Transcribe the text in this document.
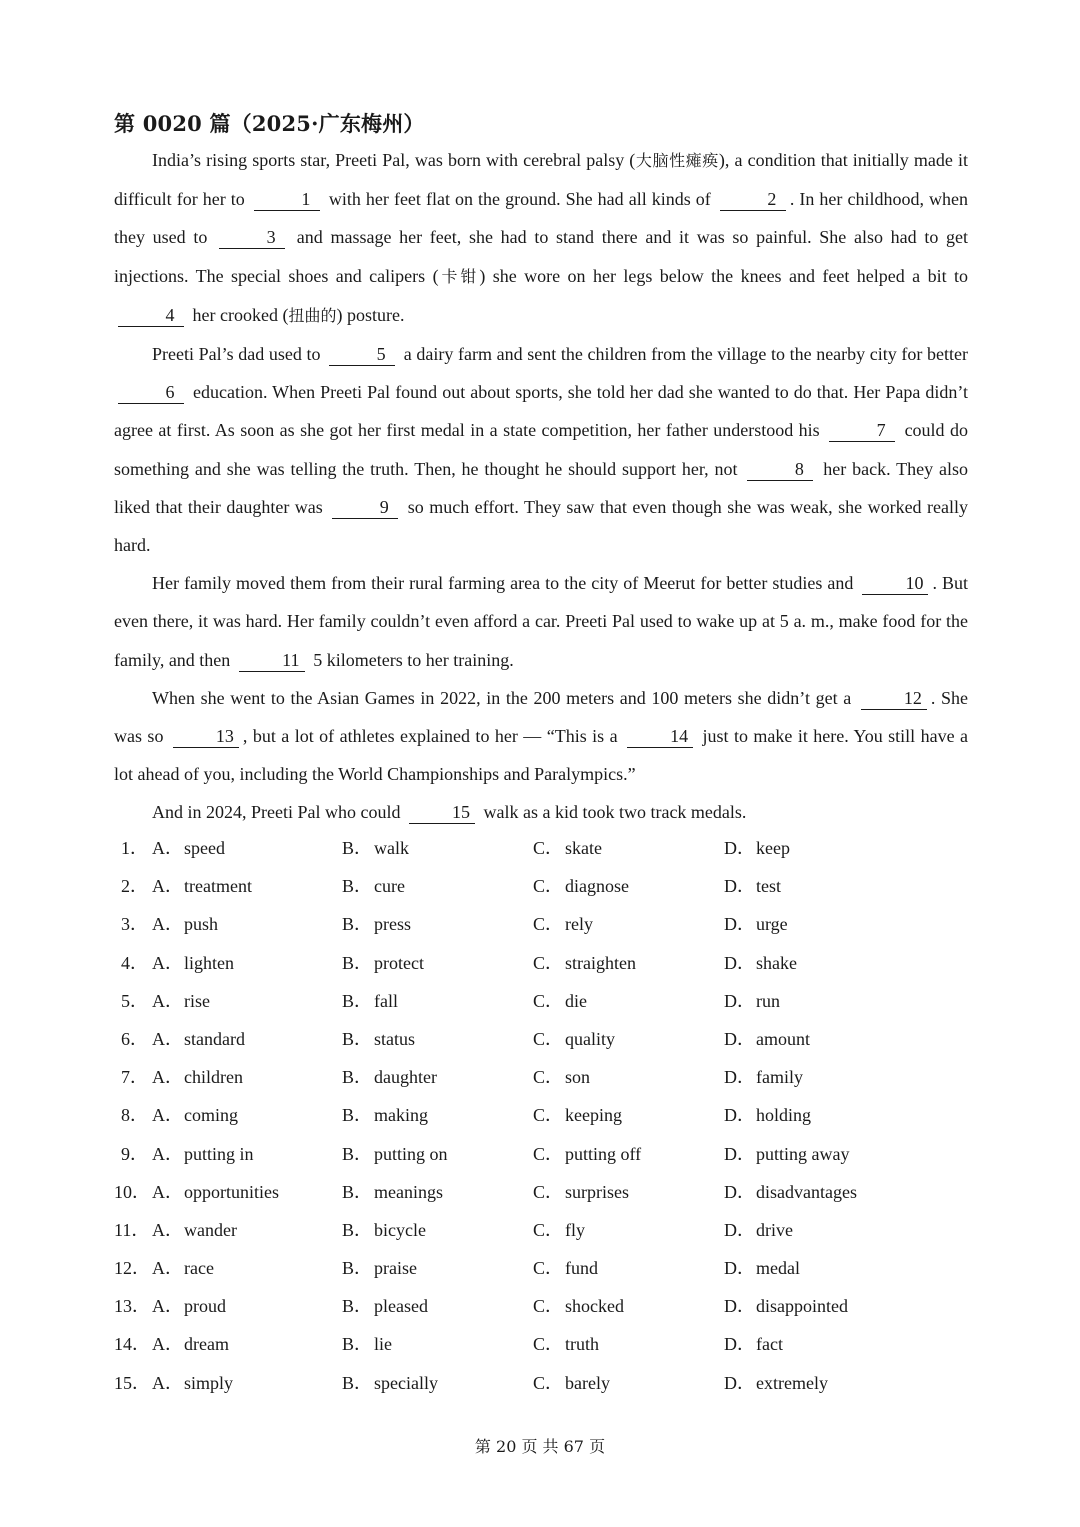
第 0020 篇（2025·广东梅州）

India’s rising sports star, Preeti Pal, was born with cerebral palsy (大脑性瘫痪), a condition that initially made it difficult for her to	1 with her feet flat on the ground. She had all kinds of	2 . In her childhood, when they used to	3 and massage her feet, she had to stand there and it was so painful. She also had to get injections. The special shoes and calipers (卡钳) she wore on her legs below the knees and feet helped a bit to 4 her crooked (扭曲的) posture.

Preeti Pal’s dad used to	5 a dairy farm and sent the children from the village to the nearby city for better 6 education. When Preeti Pal found out about sports, she told her dad she wanted to do that. Her Papa didn’t agree at first. As soon as she got her first medal in a state competition, her father understood his	7 could do something and she was telling the truth. Then, he thought he should support her, not	8 her back. They also liked that their daughter was	9 so much effort. They saw that even though she was weak, she worked really hard.

Her family moved them from their rural farming area to the city of Meerut for better studies and	10 . But even there, it was hard. Her family couldn’t even afford a car. Preeti Pal used to wake up at 5 a. m., make food for the family, and then	11 5 kilometers to her training.

When she went to the Asian Games in 2022, in the 200 meters and 100 meters she didn’t get a	12 . She was so	13 , but a lot of athletes explained to her — “This is a	14 just to make it here. You still have a lot ahead of you, including the World Championships and Paralympics.”

And in 2024, Preeti Pal who could	15 walk as a kid took two track medals.

1． A．speed	B． walk	C． skate	D．keep
2． A．treatment	B． cure	C． diagnose	D．test
3． A．push	B． press	C． rely	D．urge
4． A．lighten	B． protect	C． straighten	D．shake
5． A．rise	B． fall	C． die	D．run
6． A．standard	B． status	C． quality	D．amount
7． A．children	B． daughter	C． son	D．family
8． A．coming	B． making	C． keeping	D．holding
9． A．putting in	B． putting on	C． putting off	D．putting away
10． A．opportunities	B． meanings	C． surprises	D．disadvantages
11． A．wander	B． bicycle	C． fly	D．drive
12． A．race	B． praise	C． fund	D．medal
13． A．proud	B． pleased	C． shocked	D．disappointed
14． A．dream	B． lie	C． truth	D．fact
15． A．simply	B． specially	C． barely	D．extremely
第 20 页 共 67 页
